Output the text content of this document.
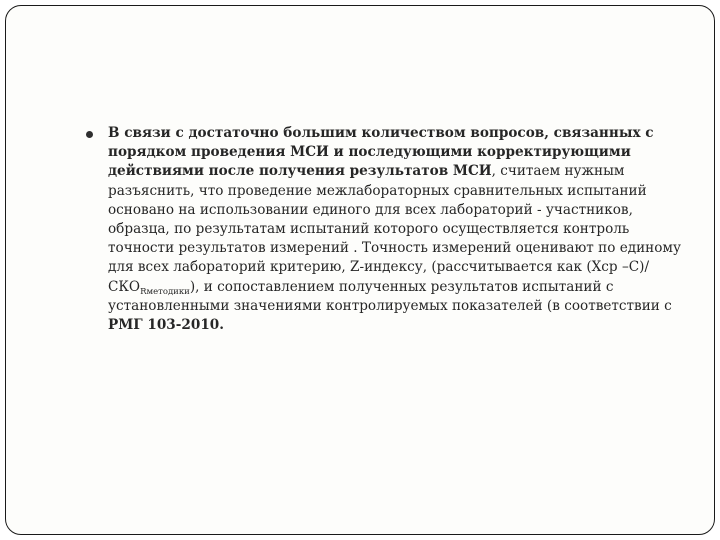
В связи с достаточно большим количеством вопросов, связанных с порядком проведения МСИ и последующими корректирующими действиями после получения результатов МСИ, считаем нужным разъяснить, что проведение межлабораторных сравнительных испытаний основано на использовании единого для всех лабораторий - участников, образца, по результатам испытаний которого осуществляется контроль точности результатов измерений . Точность измерений оценивают по единому для всех лабораторий критерию, Z-индексу, (рассчитывается как (Хср $-С)/СКО_{Rметодики}$), и сопоставлением полученных результатов испытаний с установленными значениями контролируемых показателей (в соответствии с РМГ 103-2010.
